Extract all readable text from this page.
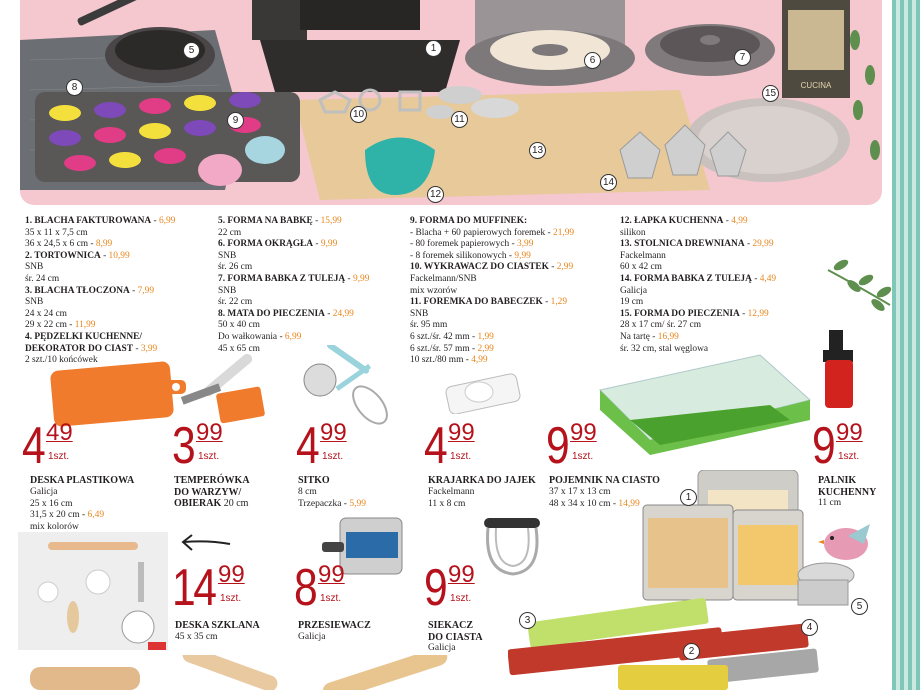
CUCINA
1
5
6	7
8
9
10	11
12
13
14
15
1. BLACHA FAKTUROWANA - 6,99
35 x 11 x 7,5 cm
36 x 24,5 x 6 cm - 8,99
2. TORTOWNICA - 10,99
SNB
śr. 24 cm
3. BLACHA TŁOCZONA - 7,99
SNB
24 x 24 cm
29 x 22 cm - 11,99
4. PĘDZELKI KUCHENNE/
DEKORATOR DO CIAST - 3,99
2 szt./10 końcówek
5. FORMA NA BABKĘ - 15,99
22 cm
6. FORMA OKRĄGŁA - 9,99
SNB
śr. 26 cm
7. FORMA BABKA Z TULEJĄ - 9,99
SNB
śr. 22 cm
8. MATA DO PIECZENIA - 24,99
50 x 40 cm
Do wałkowania - 6,99
45 x 65 cm
9. FORMA DO MUFFINEK:
- Blacha + 60 papierowych foremek - 21,99
- 80 foremek papierowych - 3,99
- 8 foremek silikonowych - 9,99
10. WYKRAWACZ DO CIASTEK - 2,99
Fackelmann/SNB
mix wzorów
11. FOREMKA DO BABECZEK - 1,29
SNB
śr. 95 mm
6 szt./śr. 42 mm - 1,99
6 szt./śr. 57 mm - 2,99
10 szt./80 mm - 4,99
12. ŁAPKA KUCHENNA - 4,99
silikon
13. STOLNICA DREWNIANA - 29,99
Fackelmann
60 x 42 cm
14. FORMA BABKA Z TULEJĄ - 4,49
Galicja
19 cm
15. FORMA DO PIECZENIA - 12,99
28 x 17 cm/ śr. 27 cm
Na tartę - 16,99
śr. 32 cm, stal węglowa
4 49
1szt. 3 99
1szt. 4 99
1szt. 4 99
1szt. 9 99
1szt.	9 99
1szt.
DESKA PLASTIKOWA
Galicja
25 x 16 cm
31,5 x 20 cm - 6,49
mix kolorów
TEMPERÓWKA
DO WARZYW/
OBIERAK 20 cm
SITKO
8 cm
Trzepaczka - 5,99
KRAJARKA DO JAJEK
Fackelmann
11 x 8 cm
POJEMNIK NA CIASTO
37 x 17 x 13 cm
48 x 34 x 10 cm - 14,99
PALNIK
KUCHENNY
11 cm
1
2
3
4
5
14 99
1szt. 8 99
1szt. 9 99
1szt.
DESKA SZKLANA
45 x 35 cm
PRZESIEWACZ
Galicja
SIEKACZ
DO CIASTA
Galicja
